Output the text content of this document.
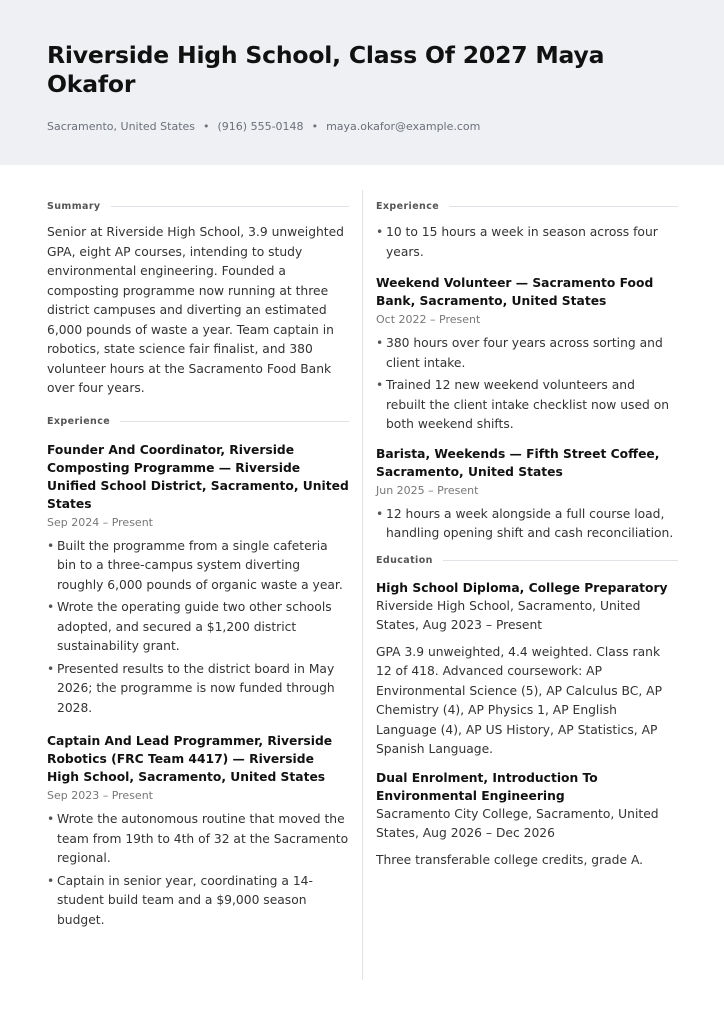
Riverside High School, Class Of 2027 Maya Okafor
Sacramento, United States • (916) 555-0148 • maya.okafor@example.com
Summary

Senior at Riverside High School, 3.9 unweighted GPA, eight AP courses, intending to study environmental engineering. Founded a composting programme now running at three district campuses and diverting an estimated 6,000 pounds of waste a year. Team captain in robotics, state science fair finalist, and 380 volunteer hours at the Sacramento Food Bank over four years.

Experience
Founder And Coordinator, Riverside Composting Programme — Riverside Unified School District, Sacramento, United States
Sep 2024 – Present
• Built the programme from a single cafeteria bin to a three-campus system diverting roughly 6,000 pounds of organic waste a year.
• Wrote the operating guide two other schools adopted, and secured a $1,200 district sustainability grant.
• Presented results to the district board in May 2026; the programme is now funded through 2028.
Captain And Lead Programmer, Riverside Robotics (FRC Team 4417) — Riverside High School, Sacramento, United States
Sep 2023 – Present
• Wrote the autonomous routine that moved the team from 19th to 4th of 32 at the Sacramento regional.
• Captain in senior year, coordinating a 14-student build team and a $9,000 season budget.
Experience
• 10 to 15 hours a week in season across four years.
Weekend Volunteer — Sacramento Food Bank, Sacramento, United States
Oct 2022 – Present
• 380 hours over four years across sorting and client intake.
• Trained 12 new weekend volunteers and rebuilt the client intake checklist now used on both weekend shifts.
Barista, Weekends — Fifth Street Coffee, Sacramento, United States
Jun 2025 – Present
• 12 hours a week alongside a full course load, handling opening shift and cash reconciliation.
Education
High School Diploma, College Preparatory
Riverside High School, Sacramento, United States, Aug 2023 – Present

GPA 3.9 unweighted, 4.4 weighted. Class rank 12 of 418. Advanced coursework: AP Environmental Science (5), AP Calculus BC, AP Chemistry (4), AP Physics 1, AP English Language (4), AP US History, AP Statistics, AP Spanish Language.

Dual Enrolment, Introduction To Environmental Engineering
Sacramento City College, Sacramento, United States, Aug 2026 – Dec 2026

Three transferable college credits, grade A.
